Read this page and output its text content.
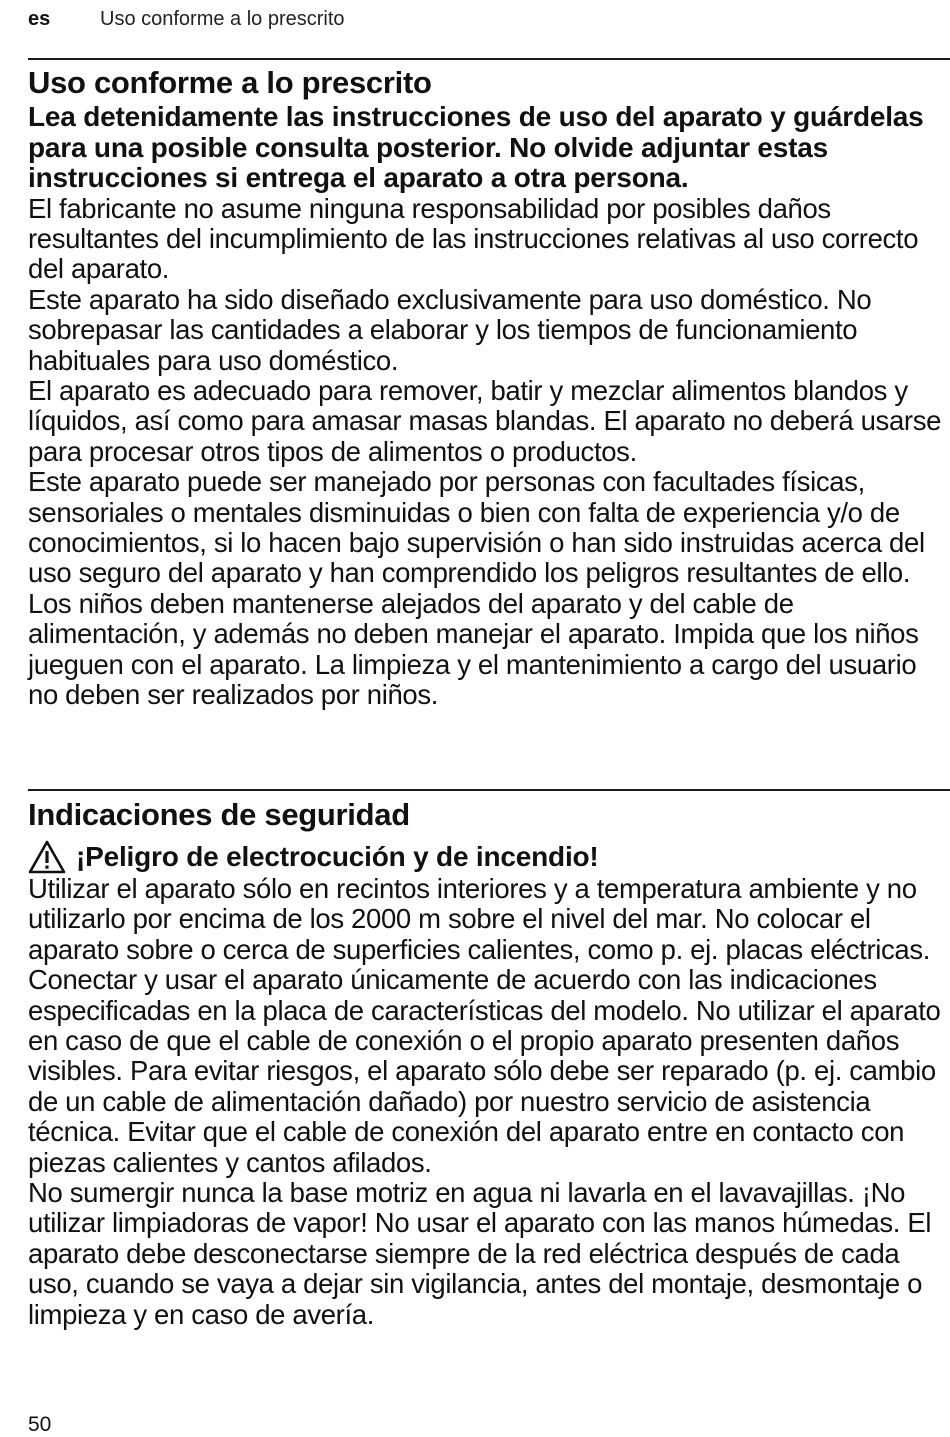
es	Uso conforme a lo prescrito
Uso conforme a lo prescrito

Lea detenidamente las instrucciones de uso del aparato y guárdelas para una posible consulta posterior. No olvide adjuntar estas instrucciones si entrega el aparato a otra persona.

El fabricante no asume ninguna responsabilidad por posibles daños resultantes del incumplimiento de las instrucciones relativas al uso correcto del aparato.

Este aparato ha sido diseñado exclusivamente para uso doméstico. No sobrepasar las cantidades a elaborar y los tiempos de funcionamiento habituales para uso doméstico.

El aparato es adecuado para remover, batir y mezclar alimentos blandos y líquidos, así como para amasar masas blandas. El aparato no deberá usarse para procesar otros tipos de alimentos o productos.

Este aparato puede ser manejado por personas con facultades físicas, sensoriales o mentales disminuidas o bien con falta de experiencia y/o de conocimientos, si lo hacen bajo supervisión o han sido instruidas acerca del uso seguro del aparato y han comprendido los peligros resultantes de ello. Los niños deben mantenerse alejados del aparato y del cable de alimentación, y además no deben manejar el aparato. Impida que los niños jueguen con el aparato. La limpieza y el mantenimiento a cargo del usuario no deben ser realizados por niños.

Indicaciones de seguridad
¡Peligro de electrocución y de incendio!

Utilizar el aparato sólo en recintos interiores y a temperatura ambiente y no utilizarlo por encima de los 2000 m sobre el nivel del mar. No colocar el aparato sobre o cerca de superficies calientes, como p. ej. placas eléctricas. Conectar y usar el aparato únicamente de acuerdo con las indicaciones especificadas en la placa de características del modelo. No utilizar el aparato en caso de que el cable de conexión o el propio aparato presenten daños visibles. Para evitar riesgos, el aparato sólo debe ser reparado (p. ej. cambio de un cable de alimentación dañado) por nuestro servicio de asistencia técnica. Evitar que el cable de conexión del aparato entre en contacto con piezas calientes y cantos afilados.

No sumergir nunca la base motriz en agua ni lavarla en el lavavajillas. ¡No utilizar limpiadoras de vapor! No usar el aparato con las manos húmedas. El aparato debe desconectarse siempre de la red eléctrica después de cada uso, cuando se vaya a dejar sin vigilancia, antes del montaje, desmontaje o limpieza y en caso de avería.

50
